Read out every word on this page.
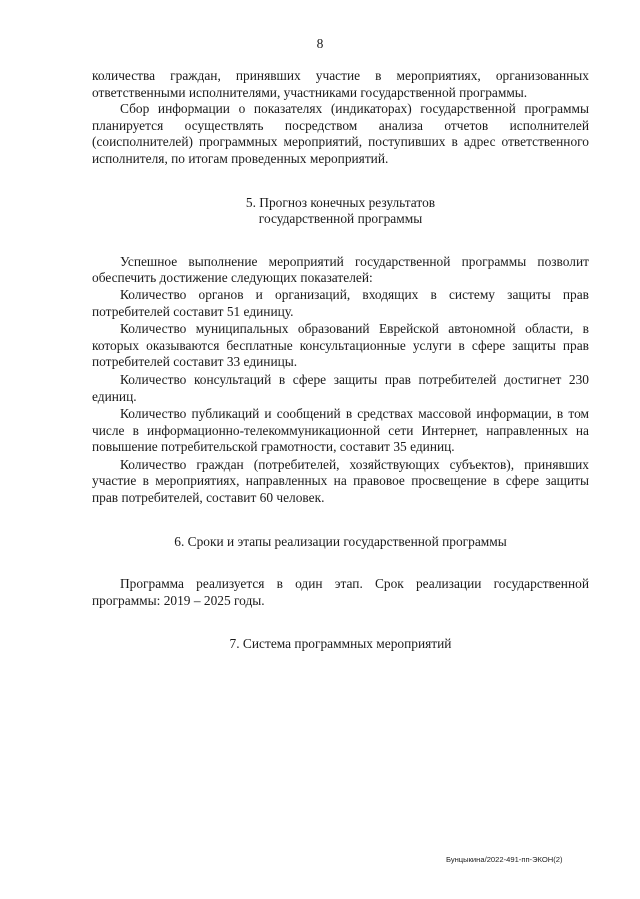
8

количества граждан, принявших участие в мероприятиях, организованных ответственными исполнителями, участниками государственной программы.

Сбор информации о показателях (индикаторах) государственной программы планируется осуществлять посредством анализа отчетов исполнителей (соисполнителей) программных мероприятий, поступивших в адрес ответственного исполнителя, по итогам проведенных мероприятий.

5. Прогноз конечных результатов

государственной программы

Успешное выполнение мероприятий государственной программы позволит обеспечить достижение следующих показателей:

Количество органов и организаций, входящих в систему защиты прав потребителей составит 51 единицу.

Количество муниципальных образований Еврейской автономной области, в которых оказываются бесплатные консультационные услуги в сфере защиты прав потребителей составит 33 единицы.

Количество консультаций в сфере защиты прав потребителей достигнет 230 единиц.

Количество публикаций и сообщений в средствах массовой информации, в том числе в информационно-телекоммуникационной сети Интернет, направленных на повышение потребительской грамотности, составит 35 единиц.

Количество граждан (потребителей, хозяйствующих субъектов), принявших участие в мероприятиях, направленных на правовое просвещение в сфере защиты прав потребителей, составит 60 человек.

6. Сроки и этапы реализации государственной программы

Программа реализуется в один этап. Срок реализации государственной программы: 2019 – 2025 годы.

7. Система программных мероприятий

Бунцыкина/2022-491-пп-ЭКОН(2)
